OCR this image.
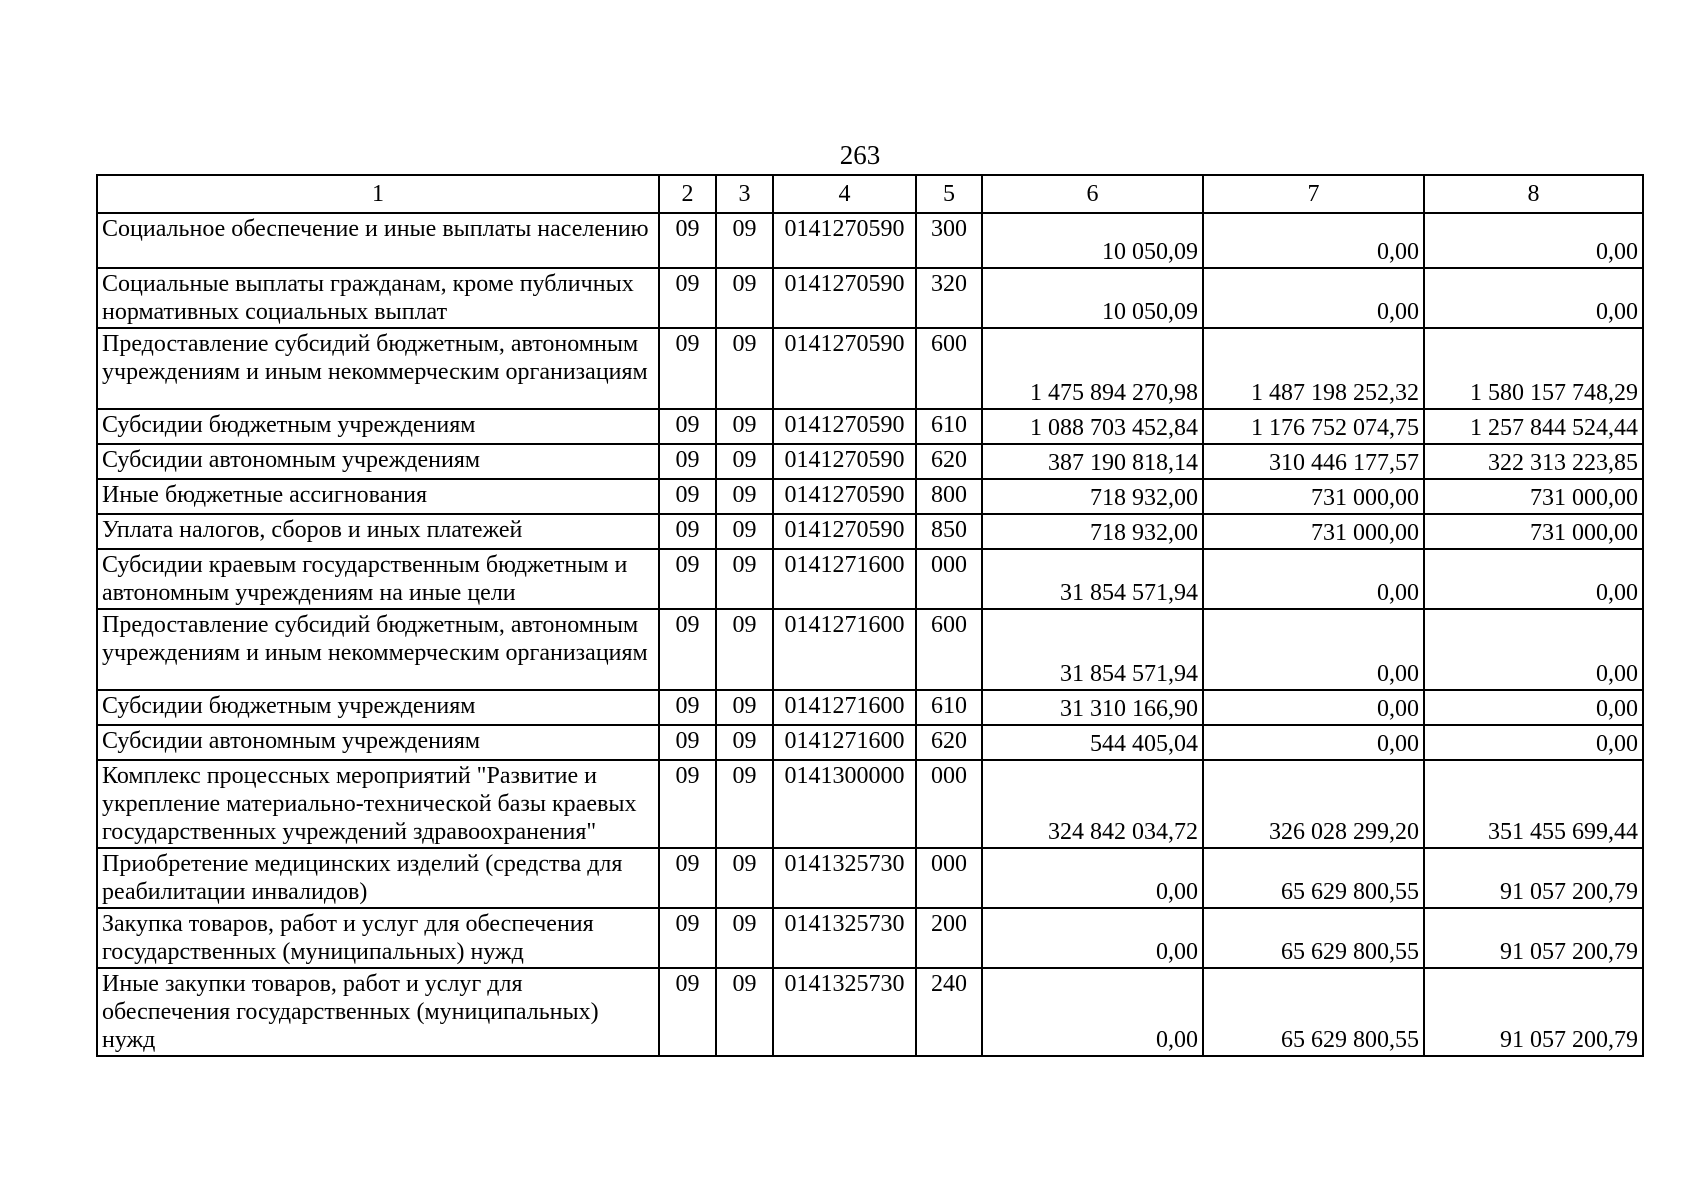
263
1	2	3	4	5	6	7	8
Социальное обеспечение и иные выплаты населению	09	09	0141270590	300	10 050,09	0,00	0,00
Социальные выплаты гражданам, кроме публичных нормативных социальных выплат	09	09	0141270590	320	10 050,09	0,00	0,00
Предоставление субсидий бюджетным, автономным учреждениям и иным некоммерческим организациям	09	09	0141270590	600	1 475 894 270,98	1 487 198 252,32	1 580 157 748,29
Субсидии бюджетным учреждениям	09	09	0141270590	610	1 088 703 452,84	1 176 752 074,75	1 257 844 524,44
Субсидии автономным учреждениям	09	09	0141270590	620	387 190 818,14	310 446 177,57	322 313 223,85
Иные бюджетные ассигнования	09	09	0141270590	800	718 932,00	731 000,00	731 000,00
Уплата налогов, сборов и иных платежей	09	09	0141270590	850	718 932,00	731 000,00	731 000,00
Субсидии краевым государственным бюджетным и автономным учреждениям на иные цели	09	09	0141271600	000	31 854 571,94	0,00	0,00
Предоставление субсидий бюджетным, автономным учреждениям и иным некоммерческим организациям	09	09	0141271600	600	31 854 571,94	0,00	0,00
Субсидии бюджетным учреждениям	09	09	0141271600	610	31 310 166,90	0,00	0,00
Субсидии автономным учреждениям	09	09	0141271600	620	544 405,04	0,00	0,00
Комплекс процессных мероприятий "Развитие и укрепление материально-технической базы краевых государственных учреждений здравоохранения"	09	09	0141300000	000	324 842 034,72	326 028 299,20	351 455 699,44
Приобретение медицинских изделий (средства для реабилитации инвалидов)	09	09	0141325730	000	0,00	65 629 800,55	91 057 200,79
Закупка товаров, работ и услуг для обеспечения государственных (муниципальных) нужд	09	09	0141325730	200	0,00	65 629 800,55	91 057 200,79
Иные закупки товаров, работ и услуг для обеспечения государственных (муниципальных) нужд	09	09	0141325730	240	0,00	65 629 800,55	91 057 200,79
